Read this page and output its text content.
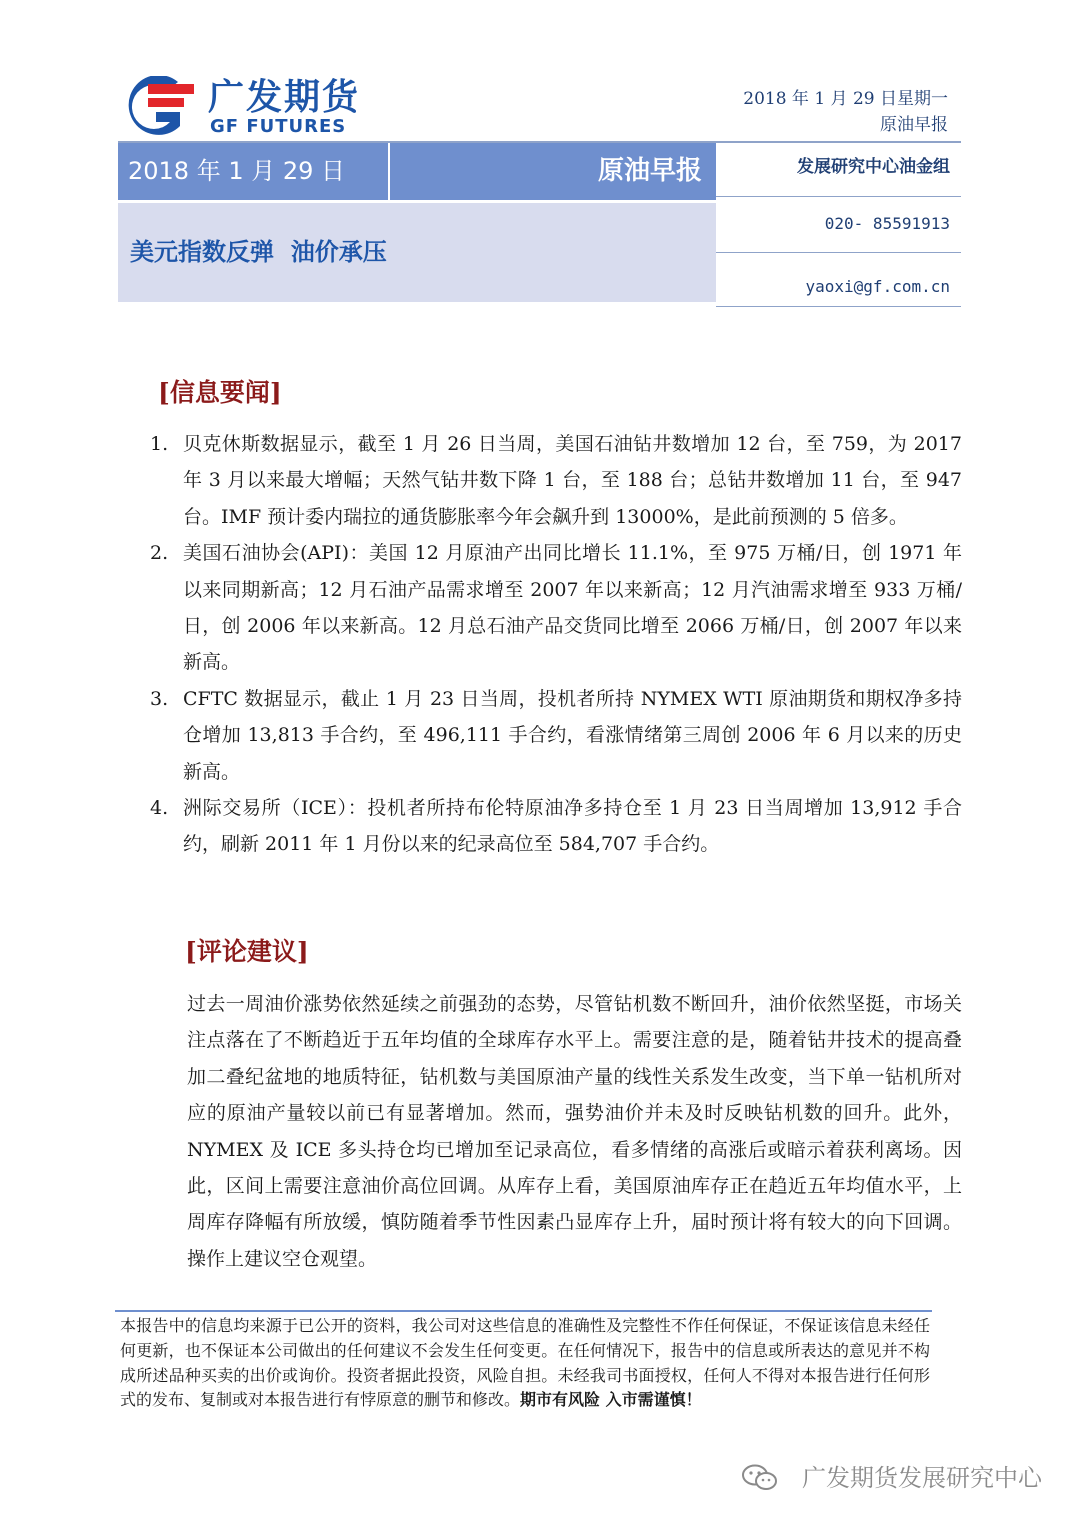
广发期货
GF FUTURES
2018 年 1 月 29 日星期一
原油早报
2018 年 1 月 29 日	原油早报
美元指数反弹  油价承压
发展研究中心油金组
020- 85591913
yaoxi@gf.com.cn
[信息要闻]
1. 贝克休斯数据显示，截至 1 月 26 日当周，美国石油钻井数增加 12 台，至 759，为 2017 年 3 月以来最大增幅；天然气钻井数下降 1 台，至 188 台；总钻井数增加 11 台，至 947 台。IMF 预计委内瑞拉的通货膨胀率今年会飙升到 13000%，是此前预测的 5 倍多。
2. 美国石油协会(API)：美国 12 月原油产出同比增长 11.1%，至 975 万桶/日，创 1971 年以来同期新高；12 月石油产品需求增至 2007 年以来新高；12 月汽油需求增至 933 万桶/日，创 2006 年以来新高。12 月总石油产品交货同比增至 2066 万桶/日，创 2007 年以来新高。
3. CFTC 数据显示，截止 1 月 23 日当周，投机者所持 NYMEX WTI 原油期货和期权净多持仓增加 13,813 手合约，至 496,111 手合约，看涨情绪第三周创 2006 年 6 月以来的历史新高。
4. 洲际交易所（ICE）：投机者所持布伦特原油净多持仓至 1 月 23 日当周增加 13,912 手合约，刷新 2011 年 1 月份以来的纪录高位至 584,707 手合约。
[评论建议]
过去一周油价涨势依然延续之前强劲的态势，尽管钻机数不断回升，油价依然坚挺，市场关注点落在了不断趋近于五年均值的全球库存水平上。需要注意的是，随着钻井技术的提高叠加二叠纪盆地的地质特征，钻机数与美国原油产量的线性关系发生改变，当下单一钻机所对应的原油产量较以前已有显著增加。然而，强势油价并未及时反映钻机数的回升。此外，NYMEX 及 ICE 多头持仓均已增加至记录高位，看多情绪的高涨后或暗示着获利离场。因此，区间上需要注意油价高位回调。从库存上看，美国原油库存正在趋近五年均值水平，上周库存降幅有所放缓，慎防随着季节性因素凸显库存上升，届时预计将有较大的向下回调。操作上建议空仓观望。
本报告中的信息均来源于已公开的资料，我公司对这些信息的准确性及完整性不作任何保证，不保证该信息未经任何更新，也不保证本公司做出的任何建议不会发生任何变更。在任何情况下，报告中的信息或所表达的意见并不构成所述品种买卖的出价或询价。投资者据此投资，风险自担。未经我司书面授权，任何人不得对本报告进行任何形式的发布、复制或对本报告进行有悖原意的删节和修改。期市有风险 入市需谨慎！
广发期货发展研究中心
